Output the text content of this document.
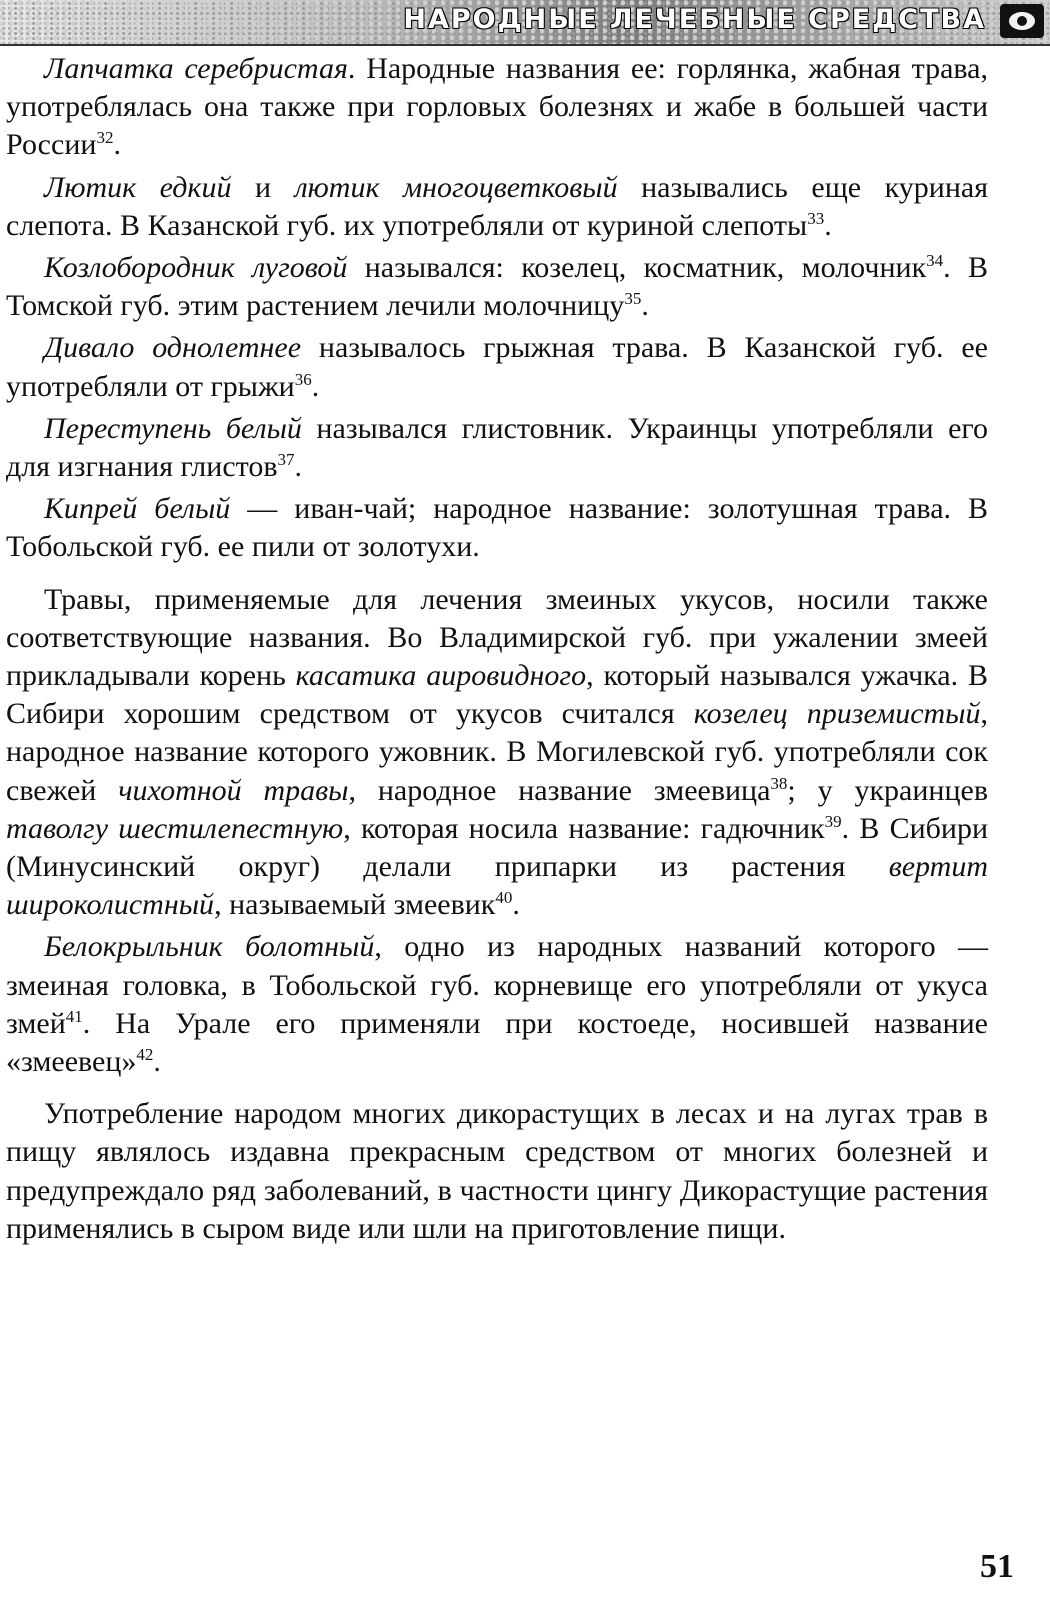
НАРОДНЫЕ ЛЕЧЕБНЫЕ СРЕДСТВА

Лапчатка серебристая. Народные названия ее: горлянка, жабная трава, употреблялась она также при горловых болезнях и жабе в большей части России$^{32}$.

Лютик едкий и лютик многоцветковый назывались еще куриная слепота. В Казанской губ. их употребляли от куриной слепоты$^{33}$.

Козлобородник луговой назывался: козелец, косматник, молочник$^{34}$. В Томской губ. этим растением лечили молочницу$^{35}$.

Дивало однолетнее называлось грыжная трава. В Казанской губ. ее употребляли от грыжи$^{36}$.

Переступень белый назывался глистовник. Украинцы употребляли его для изгнания глистов$^{37}$.

Кипрей белый — иван-чай; народное название: золотушная трава. В Тобольской губ. ее пили от золотухи.

Травы, применяемые для лечения змеиных укусов, носили также соответствующие названия. Во Владимирской губ. при ужалении змеей прикладывали корень касатика аировидного, который назывался ужачка. В Сибири хорошим средством от укусов считался козелец приземистый, народное название которого ужовник. В Могилевской губ. употребляли сок свежей чихотной травы, народное название змеевица$^{38}$; у украинцев таволгу шестилепестную, которая носила название: гадючник$^{39}$. В Сибири (Минусинский округ) делали припарки из растения вертит широколистный, называемый змеевик$^{40}$.

Белокрыльник болотный, одно из народных названий которого — змеиная головка, в Тобольской губ. корневище его употребляли от укуса змей$^{41}$. На Урале его применяли при костоеде, носившей название «змеевец»$^{42}$.

Употребление народом многих дикорастущих в лесах и на лугах трав в пищу являлось издавна прекрасным средством от многих болезней и предупреждало ряд заболеваний, в частности цингу Дикорастущие растения применялись в сыром виде или шли на приготовление пищи.

51
